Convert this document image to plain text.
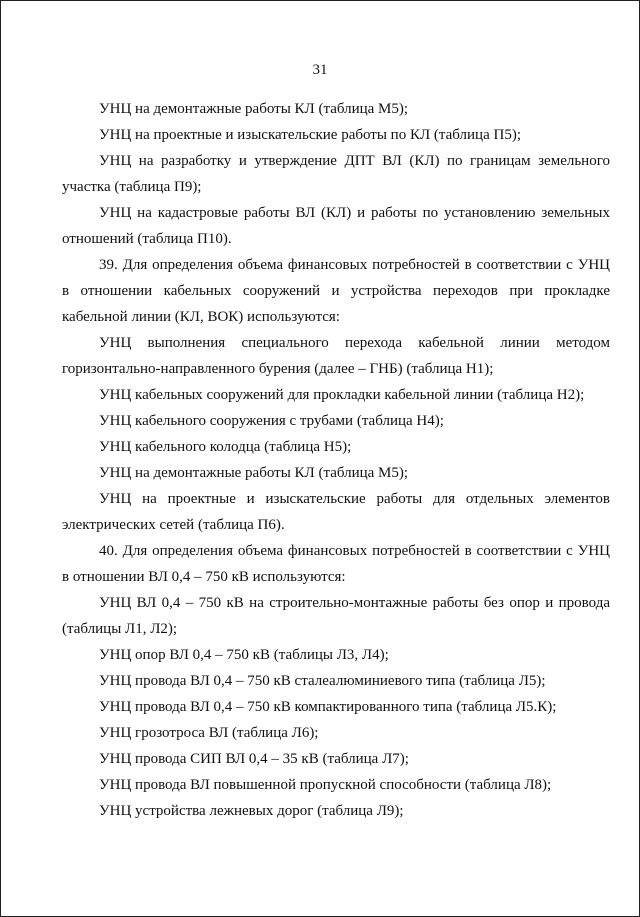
31

УНЦ на демонтажные работы КЛ (таблица М5);

УНЦ на проектные и изыскательские работы по КЛ (таблица П5);

УНЦ на разработку и утверждение ДПТ ВЛ (КЛ) по границам земельного участка (таблица П9);

УНЦ на кадастровые работы ВЛ (КЛ) и работы по установлению земельных отношений (таблица П10).

39. Для определения объема финансовых потребностей в соответствии с УНЦ в отношении кабельных сооружений и устройства переходов при прокладке кабельной линии (КЛ, ВОК) используются:

УНЦ выполнения специального перехода кабельной линии методом горизонтально-направленного бурения (далее – ГНБ) (таблица Н1);

УНЦ кабельных сооружений для прокладки кабельной линии (таблица Н2);

УНЦ кабельного сооружения с трубами (таблица Н4);

УНЦ кабельного колодца (таблица Н5);

УНЦ на демонтажные работы КЛ (таблица М5);

УНЦ на проектные и изыскательские работы для отдельных элементов электрических сетей (таблица П6).

40. Для определения объема финансовых потребностей в соответствии с УНЦ в отношении ВЛ 0,4 – 750 кВ используются:

УНЦ ВЛ 0,4 – 750 кВ на строительно-монтажные работы без опор и провода (таблицы Л1, Л2);

УНЦ опор ВЛ 0,4 – 750 кВ (таблицы Л3, Л4);

УНЦ провода ВЛ 0,4 – 750 кВ сталеалюминиевого типа (таблица Л5);

УНЦ провода ВЛ 0,4 – 750 кВ компактированного типа (таблица Л5.К);

УНЦ грозотроса ВЛ (таблица Л6);

УНЦ провода СИП ВЛ 0,4 – 35 кВ (таблица Л7);

УНЦ провода ВЛ повышенной пропускной способности (таблица Л8);

УНЦ устройства лежневых дорог (таблица Л9);
